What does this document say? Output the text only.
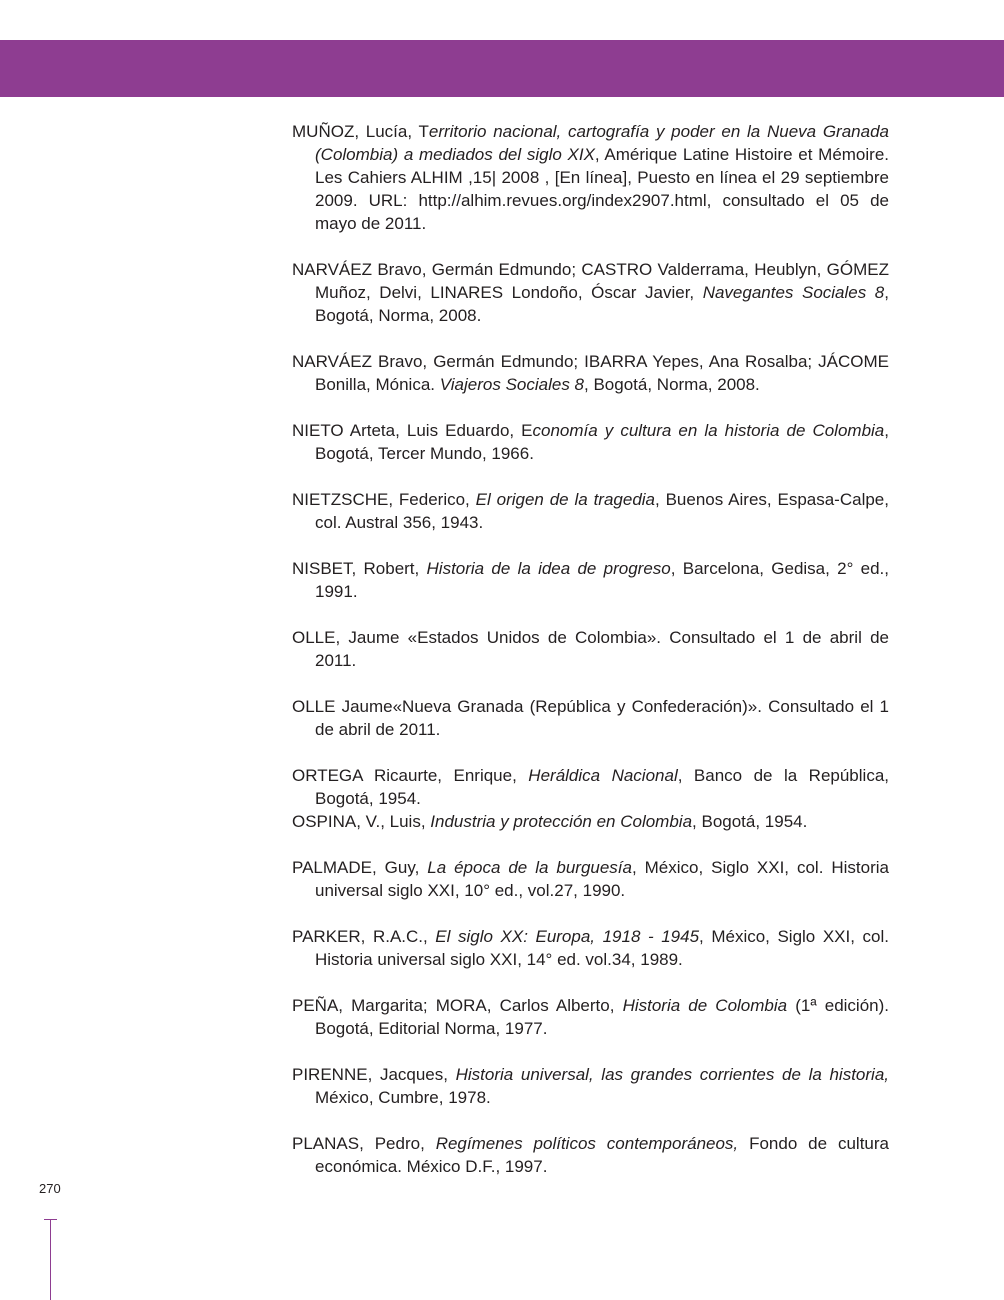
MUÑOZ, Lucía, Territorio nacional, cartografía y poder en la Nueva Granada (Colombia) a mediados del siglo XIX, Amérique Latine Histoire et Mémoire. Les Cahiers ALHIM ,15| 2008 , [En línea], Puesto en línea el 29 septiembre 2009. URL: http://alhim.revues.org/index2907.html, consultado el 05 de mayo de 2011.

NARVÁEZ Bravo, Germán Edmundo; CASTRO Valderrama, Heublyn, GÓMEZ Muñoz, Delvi, LINARES Londoño, Óscar Javier, Navegantes Sociales 8, Bogotá, Norma, 2008.

NARVÁEZ Bravo, Germán Edmundo; IBARRA Yepes, Ana Rosalba; JÁCOME Bonilla, Mónica. Viajeros Sociales 8, Bogotá, Norma, 2008.

NIETO Arteta, Luis Eduardo, Economía y cultura en la historia de Colombia, Bogotá, Tercer Mundo, 1966.

NIETZSCHE, Federico, El origen de la tragedia, Buenos Aires, Espasa-Calpe, col. Austral 356, 1943.

NISBET, Robert, Historia de la idea de progreso, Barcelona, Gedisa, 2° ed., 1991.

OLLE, Jaume «Estados Unidos de Colombia». Consultado el 1 de abril de 2011.

OLLE Jaume«Nueva Granada (República y Confederación)». Consultado el 1 de abril de 2011.

ORTEGA Ricaurte, Enrique, Heráldica Nacional, Banco de la República, Bogotá, 1954.

OSPINA, V., Luis, Industria y protección en Colombia, Bogotá, 1954.

PALMADE, Guy, La época de la burguesía, México, Siglo XXI, col. Historia universal siglo XXI, 10° ed., vol.27, 1990.

PARKER, R.A.C., El siglo XX: Europa, 1918 - 1945, México, Siglo XXI, col. Historia universal siglo XXI, 14° ed. vol.34, 1989.

PEÑA, Margarita; MORA, Carlos Alberto, Historia de Colombia (1ª edición). Bogotá, Editorial Norma, 1977.

PIRENNE, Jacques, Historia universal, las grandes corrientes de la historia, México, Cumbre, 1978.

PLANAS, Pedro, Regímenes políticos contemporáneos, Fondo de cultura económica. México D.F., 1997.

270
